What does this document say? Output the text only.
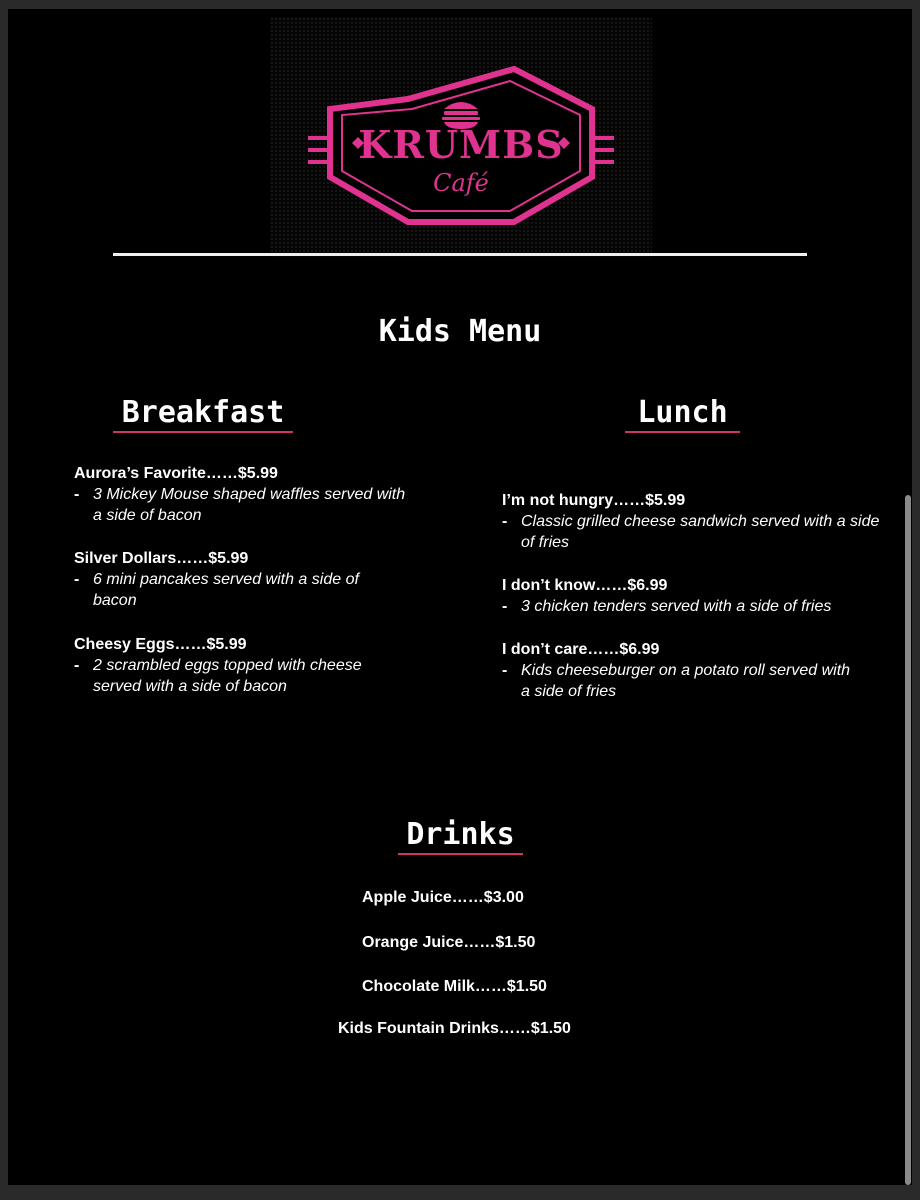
KRUMBS
Café
Kids Menu
Breakfast
Aurora’s Favorite……$5.99
- 3 Mickey Mouse shaped waffles served with a side of bacon
Silver Dollars……$5.99
- 6 mini pancakes served with a side of bacon
Cheesy Eggs……$5.99
- 2 scrambled eggs topped with cheese served with a side of bacon
Lunch
I’m not hungry……$5.99
- Classic grilled cheese sandwich served with a side of fries
I don’t know……$6.99
- 3 chicken tenders served with a side of fries
I don’t care……$6.99
- Kids cheeseburger on a potato roll served with a side of fries
Drinks
Apple Juice……$3.00
Orange Juice……$1.50
Chocolate Milk……$1.50
Kids Fountain Drinks……$1.50
